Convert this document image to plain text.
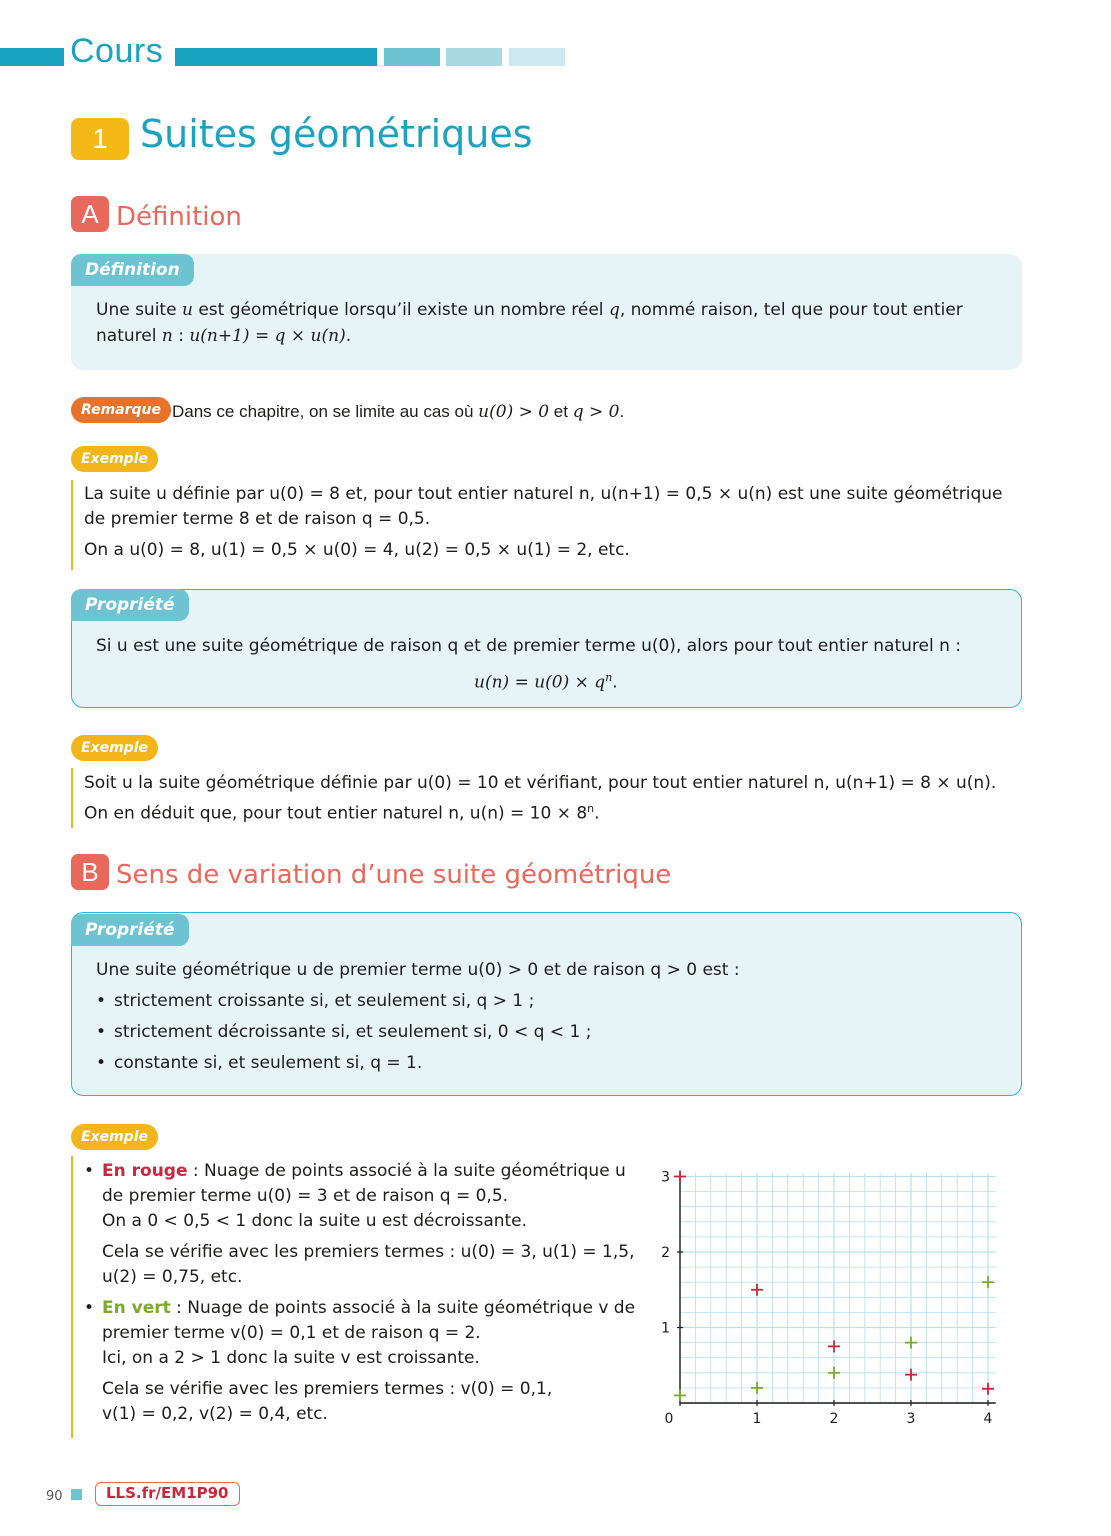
Cours
1 Suites géométriques
A Définition
Définition
Une suite u est géométrique lorsqu’il existe un nombre réel q, nommé raison, tel que pour tout entier
naturel n : u(n+1) = q × u(n).
Remarque Dans ce chapitre, on se limite au cas où u(0) > 0 et q > 0.
Exemple
La suite u définie par u(0) = 8 et, pour tout entier naturel n, u(n+1) = 0,5 × u(n) est une suite géométrique
de premier terme 8 et de raison q = 0,5.
On a u(0) = 8, u(1) = 0,5 × u(0) = 4, u(2) = 0,5 × u(1) = 2, etc.
Propriété
Si u est une suite géométrique de raison q et de premier terme u(0), alors pour tout entier naturel n :
$u(n) = u(0) \times q^n$.
Exemple
Soit u la suite géométrique définie par u(0) = 10 et vérifiant, pour tout entier naturel n, u(n+1) = 8 × u(n).
On en déduit que, pour tout entier naturel n, $u(n) = 10 \times 8^n$.
B Sens de variation d’une suite géométrique
Propriété
Une suite géométrique u de premier terme u(0) > 0 et de raison q > 0 est :
• strictement croissante si, et seulement si, q > 1 ;
• strictement décroissante si, et seulement si, 0 < q < 1 ;
• constante si, et seulement si, q = 1.
Exemple
• En rouge : Nuage de points associé à la suite géométrique u
de premier terme u(0) = 3 et de raison q = 0,5.
On a 0 < 0,5 < 1 donc la suite u est décroissante.
Cela se vérifie avec les premiers termes : u(0) = 3, u(1) = 1,5,
u(2) = 0,75, etc.
• En vert : Nuage de points associé à la suite géométrique v de
premier terme v(0) = 0,1 et de raison q = 2.
Ici, on a 2 > 1 donc la suite v est croissante.
Cela se vérifie avec les premiers termes : v(0) = 0,1,
v(1) = 0,2, v(2) = 0,4, etc.	0	1	2	3	4
1
2
3
90	LLS.fr/EM1P90
